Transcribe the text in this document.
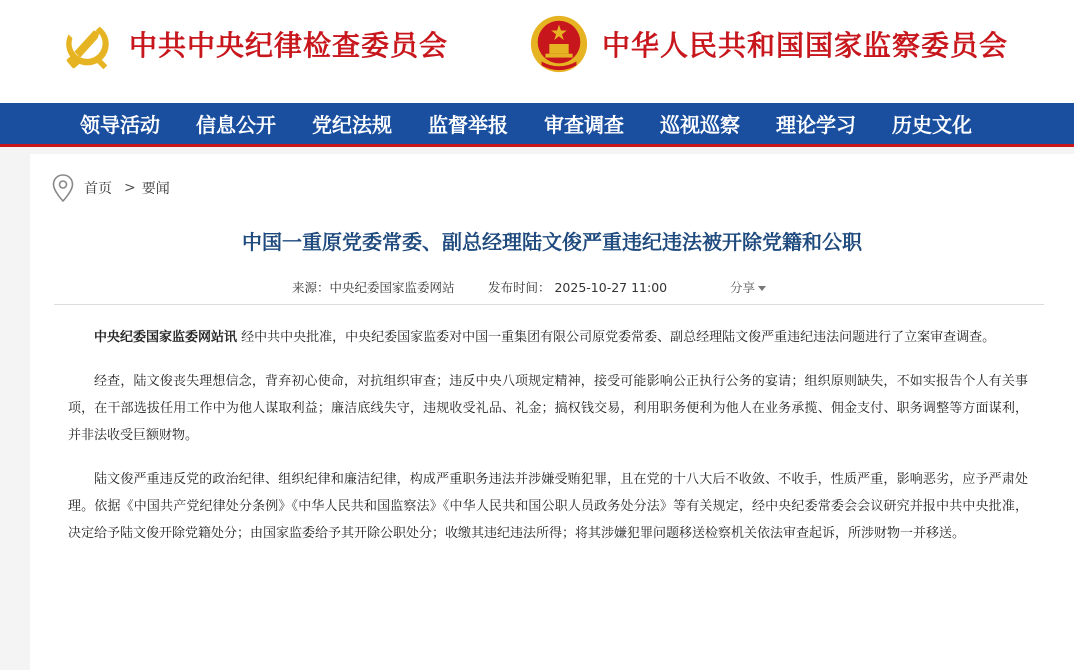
中共中央纪律检查委员会	中华人民共和国国家监察委员会
领导活动 信息公开 党纪法规 监督举报 审查调查 巡视巡察 理论学习 历史文化
首页 > 要闻
中国一重原党委常委、副总经理陆文俊严重违纪违法被开除党籍和公职
来源：中央纪委国家监委网站	发布时间： 2025-10-27 11:00	分享

中央纪委国家监委网站讯 经中共中央批准，中央纪委国家监委对中国一重集团有限公司原党委常委、副总经理陆文俊严重违纪违法问题进行了立案审查调查。

经查，陆文俊丧失理想信念，背弃初心使命，对抗组织审查；违反中央八项规定精神，接受可能影响公正执行公务的宴请；组织原则缺失，不如实报告个人有关事项，在干部选拔任用工作中为他人谋取利益；廉洁底线失守，违规收受礼品、礼金；搞权钱交易，利用职务便利为他人在业务承揽、佣金支付、职务调整等方面谋利，并非法收受巨额财物。

陆文俊严重违反党的政治纪律、组织纪律和廉洁纪律，构成严重职务违法并涉嫌受贿犯罪，且在党的十八大后不收敛、不收手，性质严重，影响恶劣，应予严肃处理。依据《中国共产党纪律处分条例》《中华人民共和国监察法》《中华人民共和国公职人员政务处分法》等有关规定，经中央纪委常委会会议研究并报中共中央批准，决定给予陆文俊开除党籍处分；由国家监委给予其开除公职处分；收缴其违纪违法所得；将其涉嫌犯罪问题移送检察机关依法审查起诉，所涉财物一并移送。
